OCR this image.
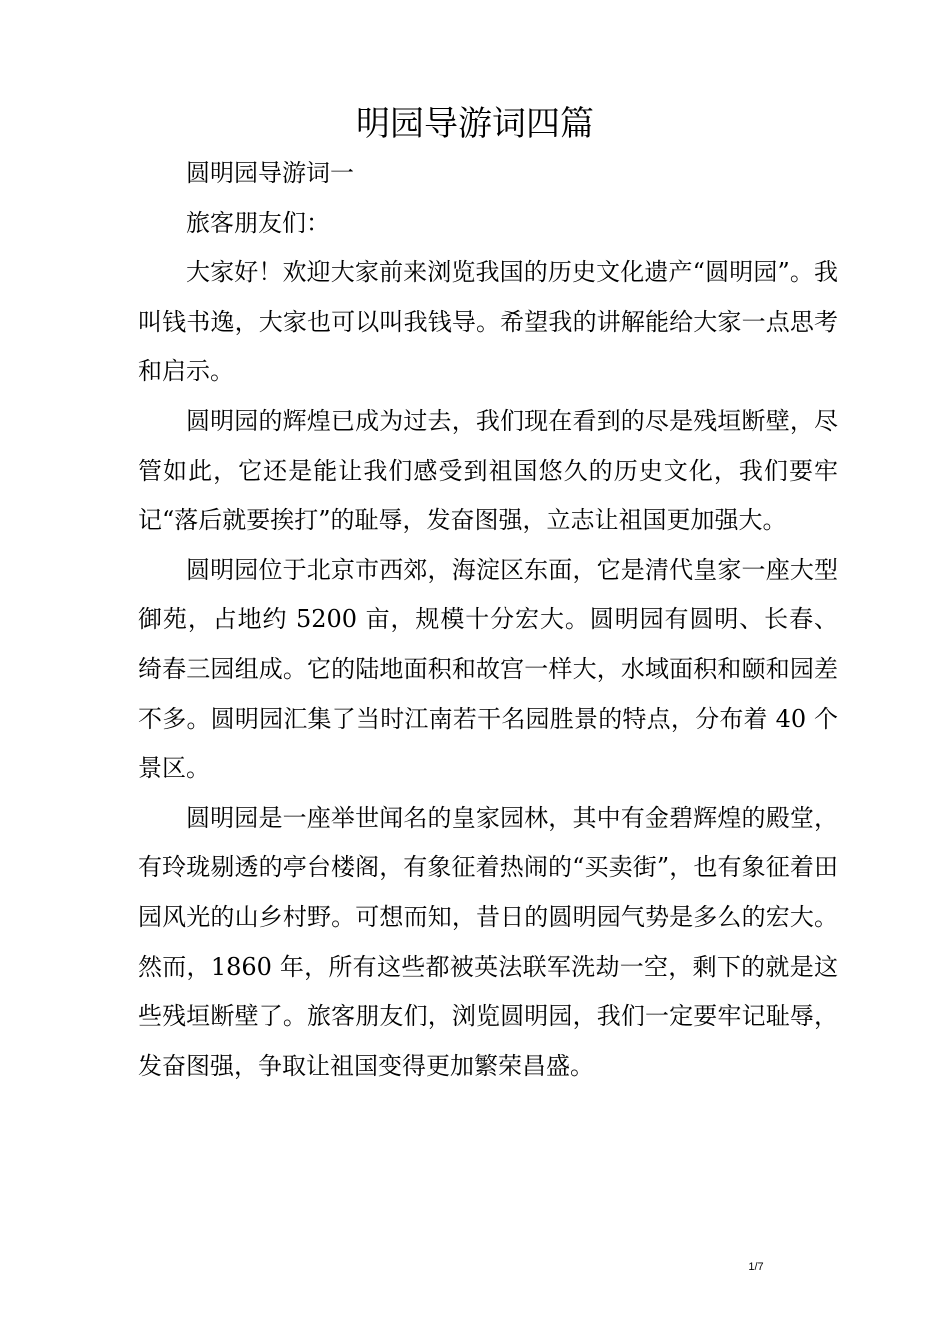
明园导游词四篇

圆明园导游词一

旅客朋友们：

大家好！欢迎大家前来浏览我国的历史文化遗产“圆明园”。我叫钱书逸，大家也可以叫我钱导。希望我的讲解能给大家一点思考和启示。

圆明园的辉煌已成为过去，我们现在看到的尽是残垣断壁，尽管如此，它还是能让我们感受到祖国悠久的历史文化，我们要牢记“落后就要挨打”的耻辱，发奋图强，立志让祖国更加强大。

圆明园位于北京市西郊，海淀区东面，它是清代皇家一座大型御苑，占地约 5200 亩，规模十分宏大。圆明园有圆明、长春、绮春三园组成。它的陆地面积和故宫一样大，水域面积和颐和园差不多。圆明园汇集了当时江南若干名园胜景的特点，分布着 40 个景区。

圆明园是一座举世闻名的皇家园林，其中有金碧辉煌的殿堂，有玲珑剔透的亭台楼阁，有象征着热闹的“买卖街”，也有象征着田园风光的山乡村野。可想而知，昔日的圆明园气势是多么的宏大。然而，1860 年，所有这些都被英法联军洗劫一空，剩下的就是这些残垣断壁了。旅客朋友们，浏览圆明园，我们一定要牢记耻辱，发奋图强，争取让祖国变得更加繁荣昌盛。

1/7
